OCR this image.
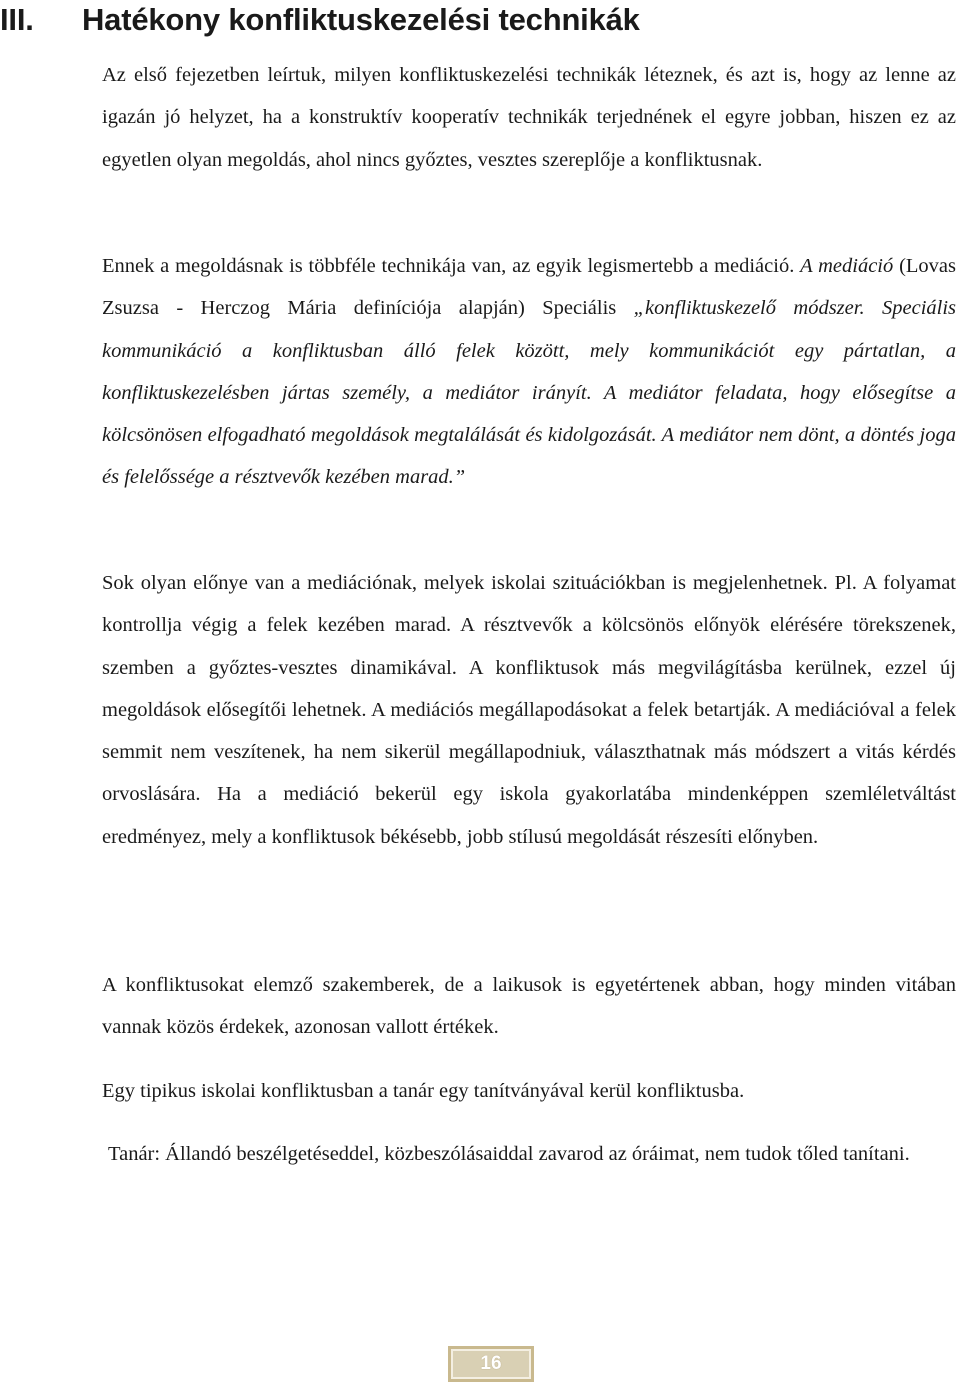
III. Hatékony konfliktuskezelési technikák

Az első fejezetben leírtuk, milyen konfliktuskezelési technikák léteznek, és azt is, hogy az lenne az igazán jó helyzet, ha a konstruktív kooperatív technikák terjednének el egyre jobban, hiszen ez az egyetlen olyan megoldás, ahol nincs győztes, vesztes szereplője a konfliktusnak.

Ennek a megoldásnak is többféle technikája van, az egyik legismertebb a mediáció. A mediáció (Lovas Zsuzsa - Herczog Mária definíciója alapján) Speciális „konfliktuskezelő módszer. Speciális kommunikáció a konfliktusban álló felek között, mely kommunikációt egy pártatlan, a konfliktuskezelésben jártas személy, a mediátor irányít. A mediátor feladata, hogy elősegítse a kölcsönösen elfogadható megoldások megtalálását és kidolgozását. A mediátor nem dönt, a döntés joga és felelőssége a résztvevők kezében marad.”

Sok olyan előnye van a mediációnak, melyek iskolai szituációkban is megjelenhetnek. Pl. A folyamat kontrollja végig a felek kezében marad. A résztvevők a kölcsönös előnyök elérésére törekszenek, szemben a győztes-vesztes dinamikával. A konfliktusok más megvilágításba kerülnek, ezzel új megoldások elősegítői lehetnek. A mediációs megállapodásokat a felek betartják. A mediációval a felek semmit nem veszítenek, ha nem sikerül megállapodniuk, választhatnak más módszert a vitás kérdés orvoslására. Ha a mediáció bekerül egy iskola gyakorlatába mindenképpen szemléletváltást eredményez, mely a konfliktusok békésebb, jobb stílusú megoldását részesíti előnyben.

A konfliktusokat elemző szakemberek, de a laikusok is egyetértenek abban, hogy minden vitában vannak közös érdekek, azonosan vallott értékek.

Egy tipikus iskolai konfliktusban a tanár egy tanítványával kerül konfliktusba.

Tanár: Állandó beszélgetéseddel, közbeszólásaiddal zavarod az óráimat, nem tudok tőled tanítani.

16
